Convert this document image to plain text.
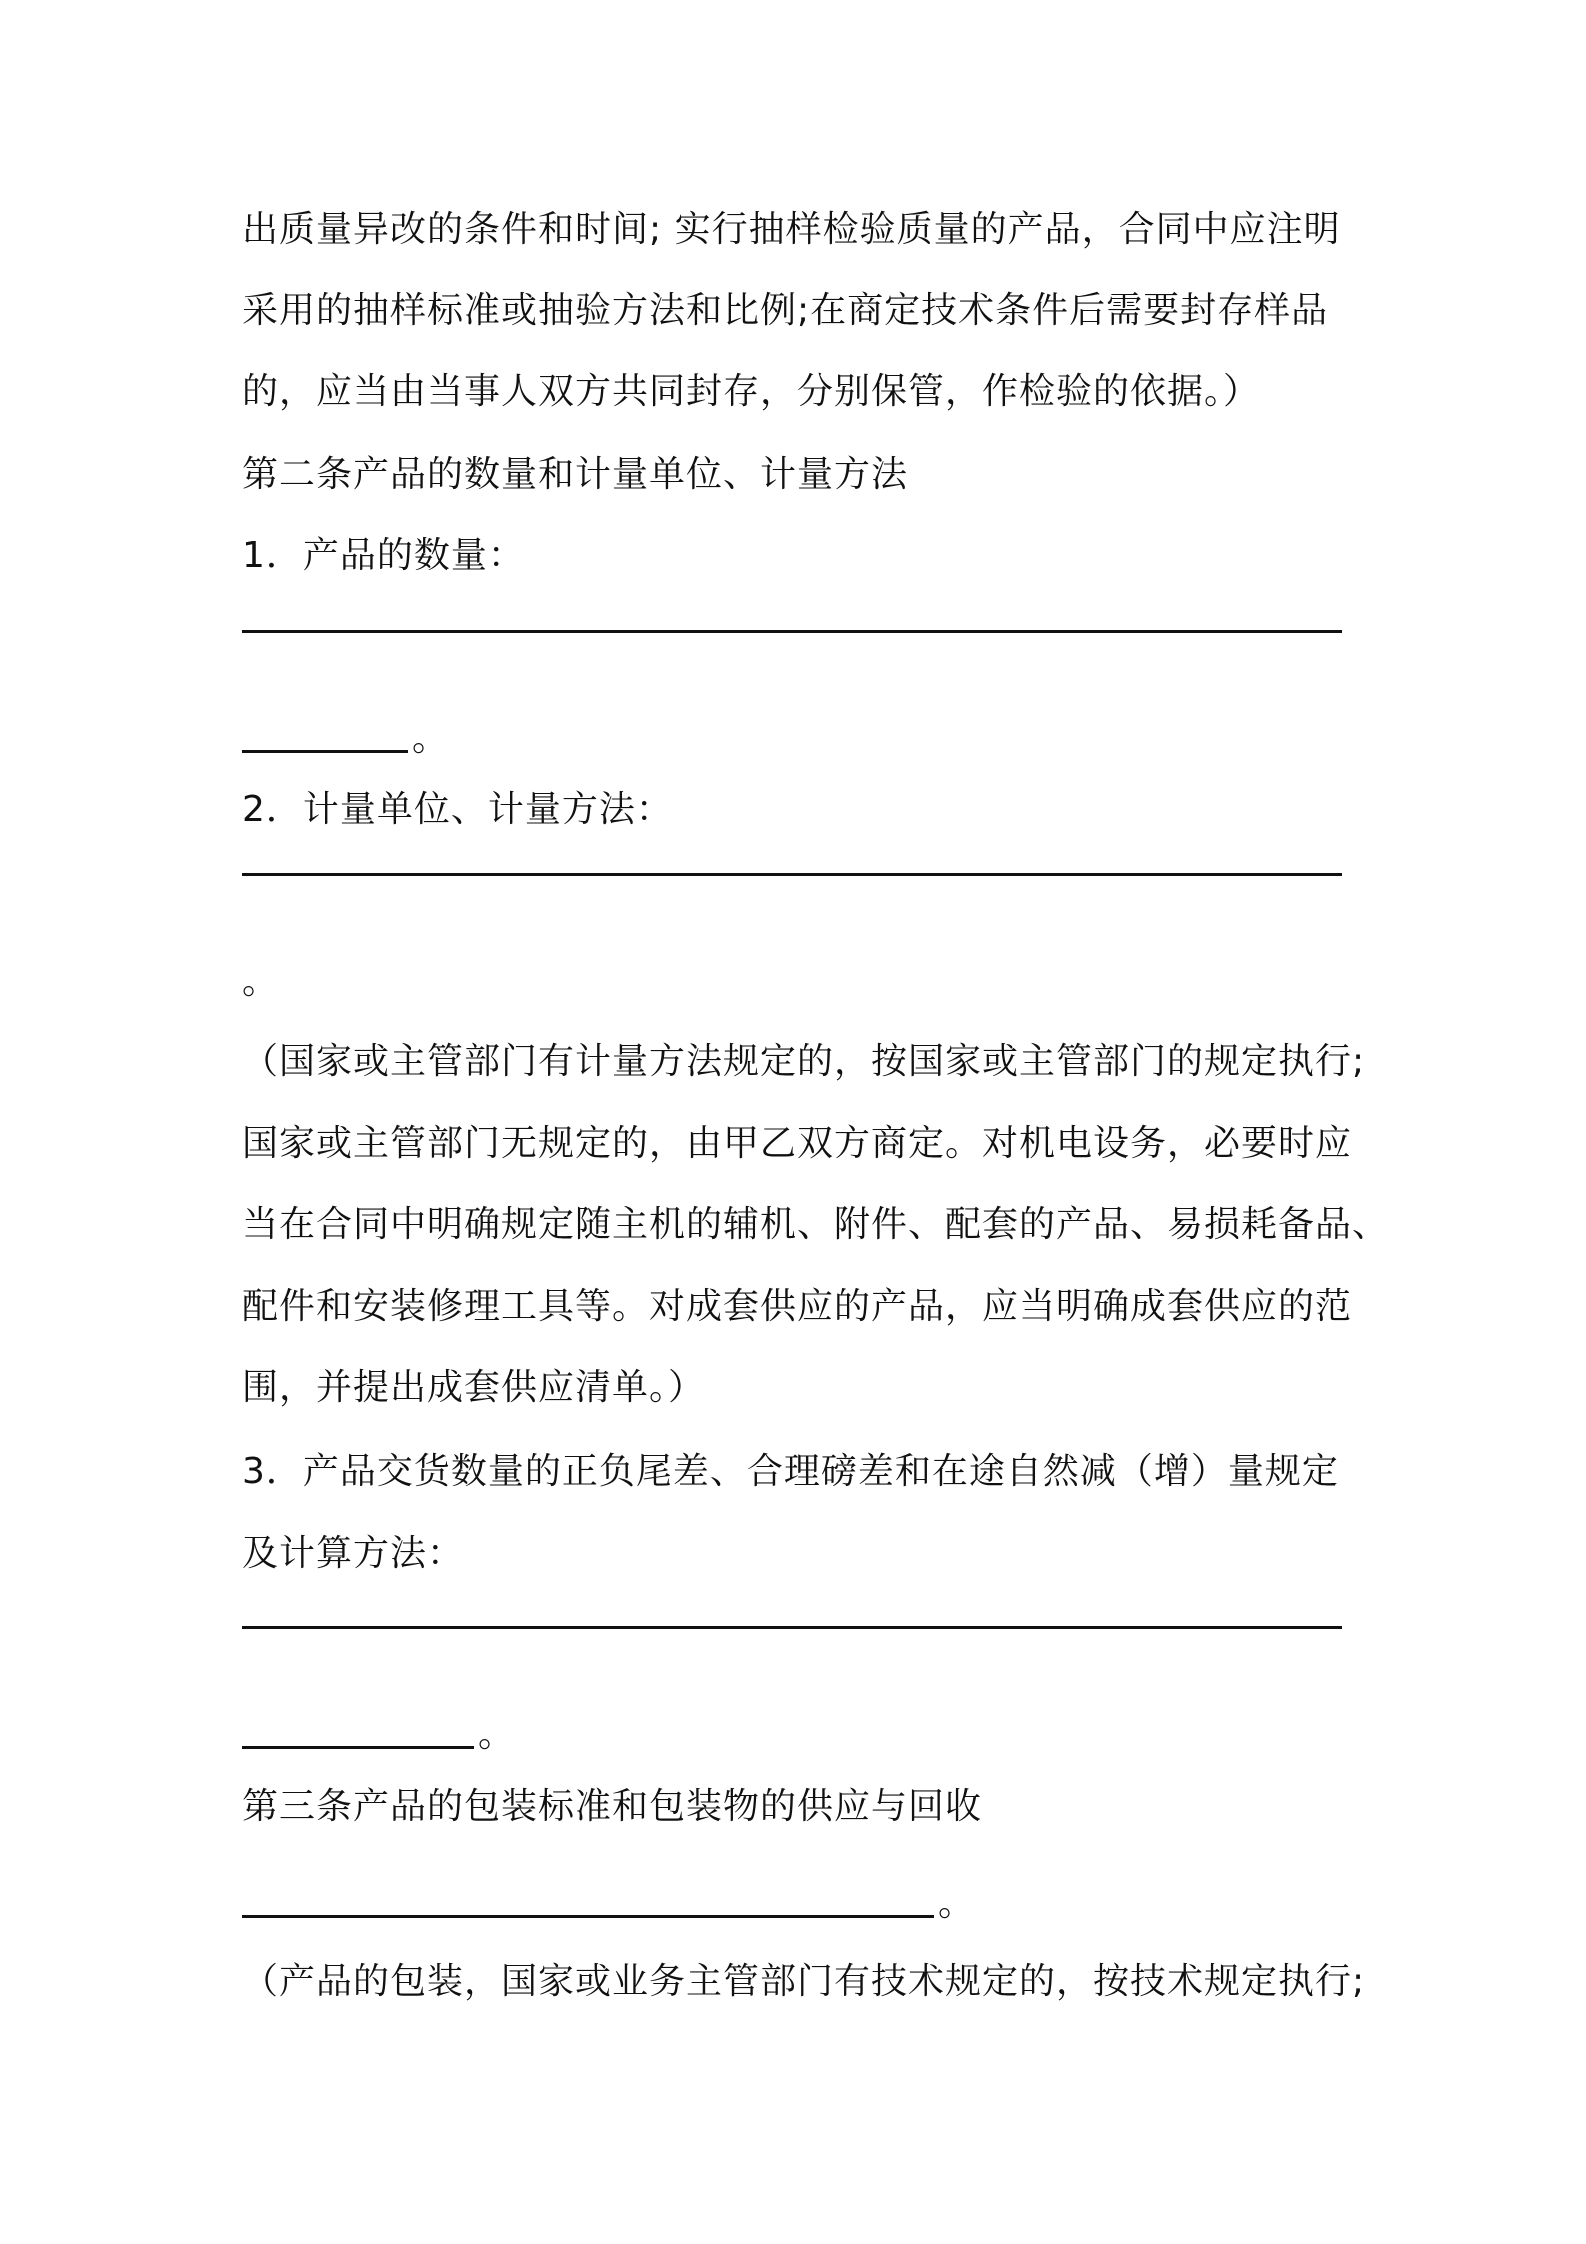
出质量异改的条件和时间; 实行抽样检验质量的产品，合同中应注明

采用的抽样标准或抽验方法和比例;在商定技术条件后需要封存样品

的，应当由当事人双方共同封存，分别保管，作检验的依据。）

第二条产品的数量和计量单位、计量方法

1．产品的数量：

。

2．计量单位、计量方法：

。

（国家或主管部门有计量方法规定的，按国家或主管部门的规定执行;

国家或主管部门无规定的，由甲乙双方商定。对机电设务，必要时应

当在合同中明确规定随主机的辅机、附件、配套的产品、易损耗备品、

配件和安装修理工具等。对成套供应的产品，应当明确成套供应的范

围，并提出成套供应清单。）

3．产品交货数量的正负尾差、合理磅差和在途自然减（增）量规定

及计算方法：

。

第三条产品的包装标准和包装物的供应与回收

。

（产品的包装，国家或业务主管部门有技术规定的，按技术规定执行;
